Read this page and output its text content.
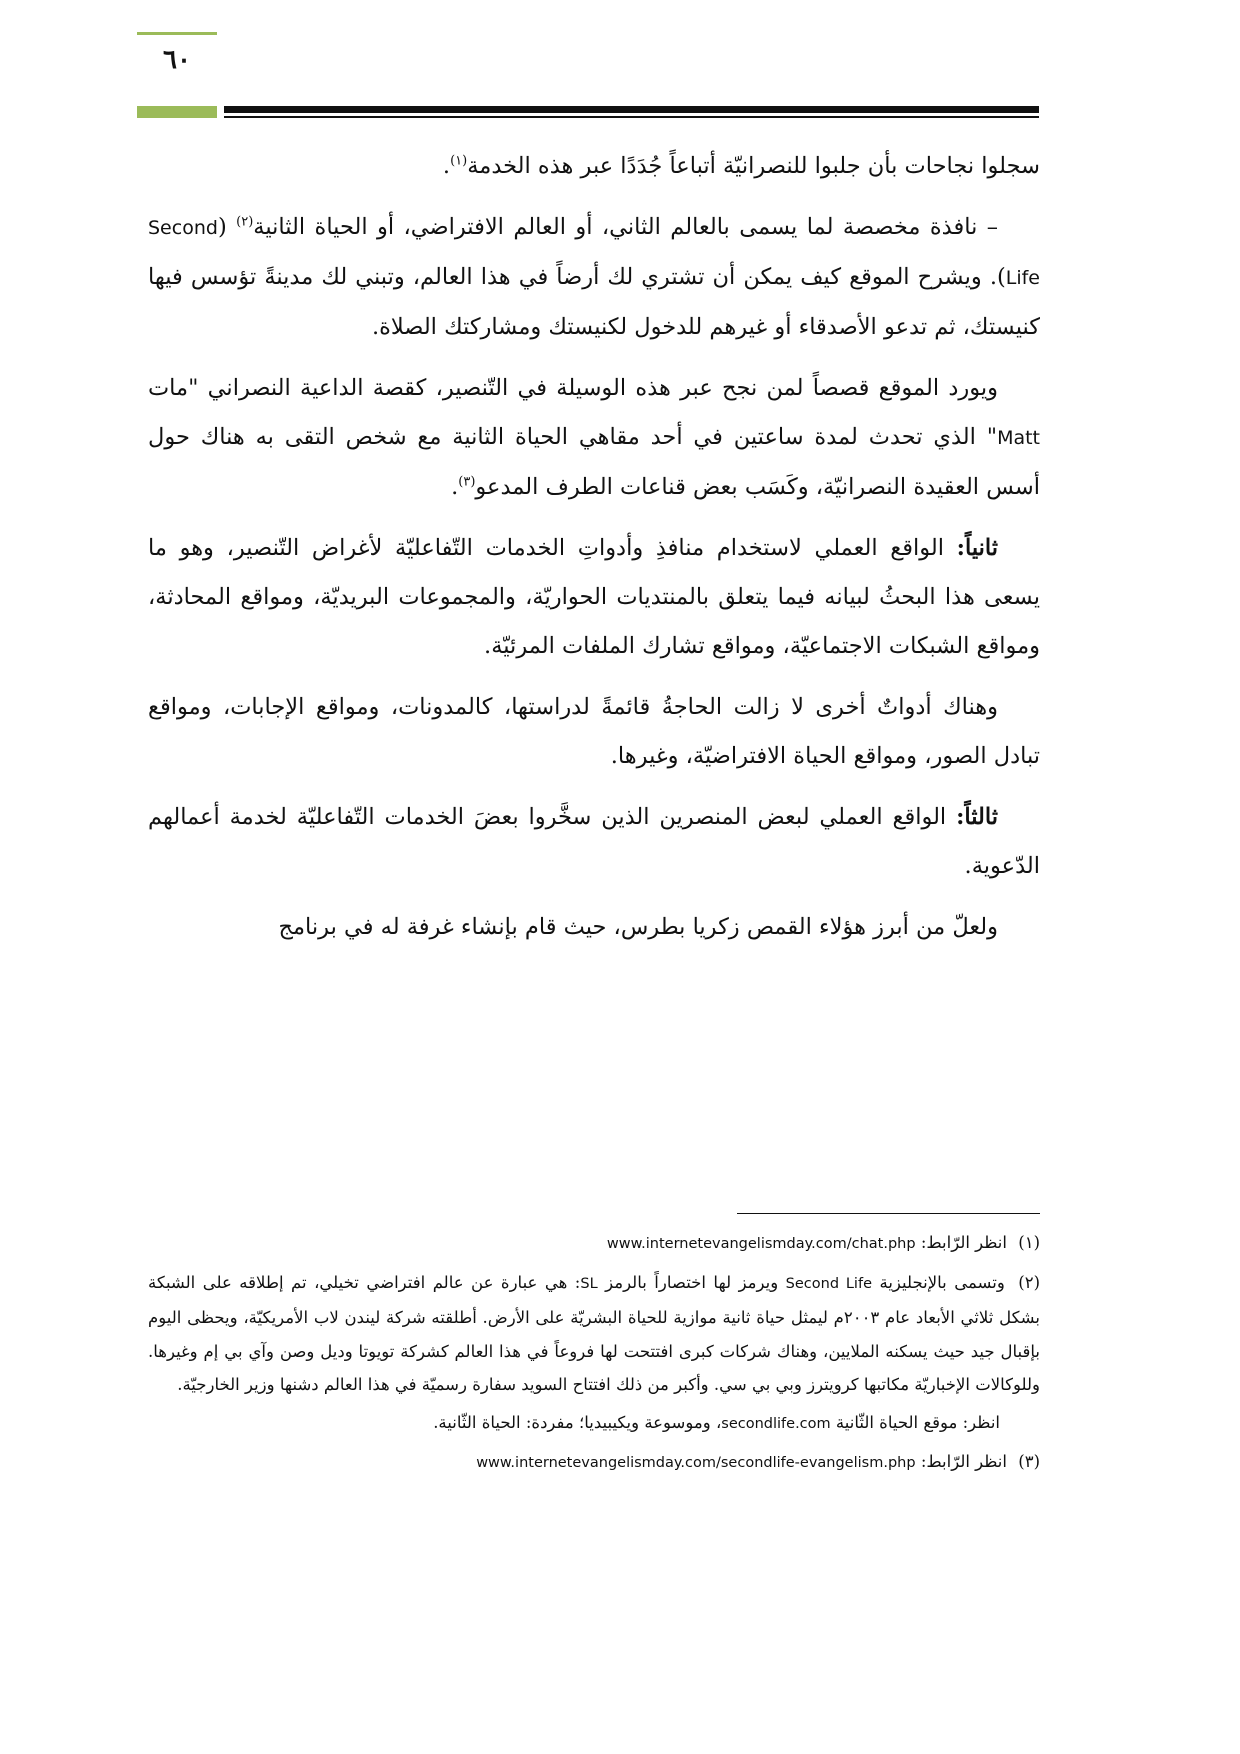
٦٠

سجلوا نجاحات بأن جلبوا للنصرانيّة أتباعاً جُدَدًا عبر هذه الخدمة$^{(١)}$.

– نافذة مخصصة لما يسمى بالعالم الثاني، أو العالم الافتراضي، أو الحياة الثانية$^{(٢)}$ (Second Life). ويشرح الموقع كيف يمكن أن تشتري لك أرضاً في هذا العالم، وتبني لك مدينةً تؤسس فيها كنيستك، ثم تدعو الأصدقاء أو غيرهم للدخول لكنيستك ومشاركتك الصلاة.

ويورد الموقع قصصاً لمن نجح عبر هذه الوسيلة في التّنصير، كقصة الداعية النصراني "مات Matt" الذي تحدث لمدة ساعتين في أحد مقاهي الحياة الثانية مع شخص التقى به هناك حول أسس العقيدة النصرانيّة، وكَسَب بعض قناعات الطرف المدعو$^{(٣)}$.

ثانياً: الواقع العملي لاستخدام منافذِ وأدواتِ الخدمات التّفاعليّة لأغراض التّنصير، وهو ما يسعى هذا البحثُ لبيانه فيما يتعلق بالمنتديات الحواريّة، والمجموعات البريديّة، ومواقع المحادثة، ومواقع الشبكات الاجتماعيّة، ومواقع تشارك الملفات المرئيّة.

وهناك أدواتٌ أخرى لا زالت الحاجةُ قائمةً لدراستها، كالمدونات، ومواقع الإجابات، ومواقع تبادل الصور، ومواقع الحياة الافتراضيّة، وغيرها.

ثالثاً: الواقع العملي لبعض المنصرين الذين سخَّروا بعضَ الخدمات التّفاعليّة لخدمة أعمالهم الدّعوية.

ولعلّ من أبرز هؤلاء القمص زكريا بطرس، حيث قام بإنشاء غرفة له في برنامج

(١) انظر الرّابط: www.internetevangelismday.com/chat.php
(٢) وتسمى بالإنجليزية Second Life ويرمز لها اختصاراً بالرمز SL: هي عبارة عن عالم افتراضي تخيلي، تم إطلاقه على الشبكة بشكل ثلاثي الأبعاد عام ٢٠٠٣م ليمثل حياة ثانية موازية للحياة البشريّة على الأرض. أطلقته شركة ليندن لاب الأمريكيّة، ويحظى اليوم بإقبال جيد حيث يسكنه الملايين، وهناك شركات كبرى افتتحت لها فروعاً في هذا العالم كشركة تويوتا وديل وصن وآي بي إم وغيرها. وللوكالات الإخباريّة مكاتبها كرويترز وبي بي سي. وأكبر من ذلك افتتاح السويد سفارة رسميّة في هذا العالم دشنها وزير الخارجيّة.
انظر: موقع الحياة الثّانية secondlife.com، وموسوعة ويكيبيديا؛ مفردة: الحياة الثّانية.
(٣) انظر الرّابط: www.internetevangelismday.com/secondlife-evangelism.php
